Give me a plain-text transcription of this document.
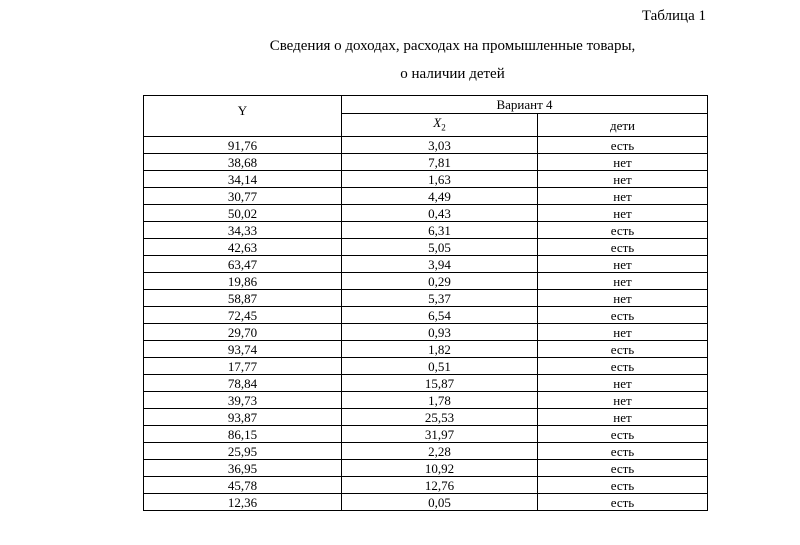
Таблица 1
Сведения о доходах, расходах на промышленные товары,
о наличии детей
Y	Вариант 4	
	$X_2$	дети
91,76	3,03	есть
38,68	7,81	нет
34,14	1,63	нет
30,77	4,49	нет
50,02	0,43	нет
34,33	6,31	есть
42,63	5,05	есть
63,47	3,94	нет
19,86	0,29	нет
58,87	5,37	нет
72,45	6,54	есть
29,70	0,93	нет
93,74	1,82	есть
17,77	0,51	есть
78,84	15,87	нет
39,73	1,78	нет
93,87	25,53	нет
86,15	31,97	есть
25,95	2,28	есть
36,95	10,92	есть
45,78	12,76	есть
12,36	0,05	есть
